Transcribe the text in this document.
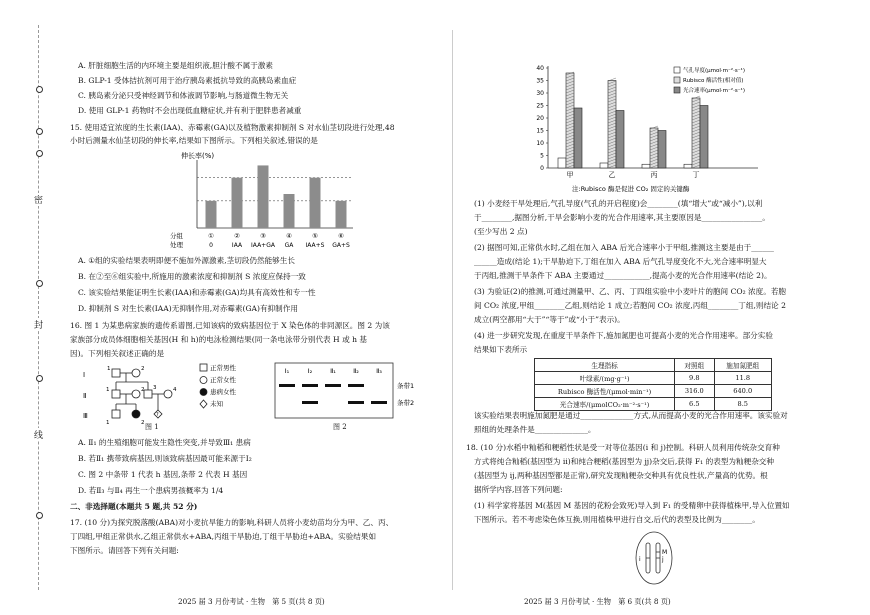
密
封
线
A. 肝脏细胞生活的内环境主要是组织液,胆汁酸不属于激素
B. GLP-1 受体拮抗剂可用于治疗胰岛素抵抗导致的高胰岛素血症
C. 胰岛素分泌只受神经调节和体液调节影响,与肠道微生物无关
D. 使用 GLP-1 药物时不会出现低血糖症状,并有利于肥胖患者减重
15. 使用适宜浓度的生长素(IAA)、赤霉素(GA)以及植物激素抑制剂 S 对水仙茎切段进行处理,48
小时后测量水仙茎切段的伸长率,结果如下图所示。下列相关叙述,错误的是
伸长率(%)
分组
处理
①
0
②
IAA
③
IAA+GA
④
GA
⑤
IAA+S
⑥
GA+S
A. ①组的实验结果表明即便不施加外源激素,茎切段仍然能够生长
B. 在②至⑥组实验中,所施用的激素浓度和抑制剂 S 浓度应保持一致
C. 该实验结果能证明生长素(IAA)和赤霉素(GA)均具有高效性和专一性
D. 抑制剂 S 对生长素(IAA)无抑制作用,对赤霉素(GA)有抑制作用
16. 图 1 为某患病家族的遗传系谱图,已知该病的致病基因位于 X 染色体的非同源区。图 2 为该
家族部分成员体细胞相关基因(H 和 h)的电泳检测结果(同一条电泳带分别代表 H 或 h 基
因)。下列相关叙述正确的是
Ⅰ
Ⅱ
Ⅲ
1	2
1	2 3	4
?
1	2
正常男性
正常女性
患病女性
未知
图 1
Ⅰ₁	Ⅰ₂	Ⅱ₁	Ⅱ₂	Ⅱ₃
条带1
条带2
图 2
A. Ⅱ₁ 的生殖细胞可能发生隐性突变,并导致Ⅲ₁ 患病
B. 若Ⅱ₁ 携带致病基因,则该致病基因最可能来源于Ⅰ₂
C. 图 2 中条带 1 代表 h 基因,条带 2 代表 H 基因
D. 若Ⅱ₃ 与Ⅱ₄ 再生一个患病男孩概率为 1/4
二、非选择题(本题共 5 题,共 52 分)
17. (10 分)为探究脱落酸(ABA)对小麦抗旱能力的影响,科研人员将小麦幼苗均分为甲、乙、丙、
丁四组,甲组正常供水,乙组正常供水+ABA,丙组干旱胁迫,丁组干旱胁迫+ABA。实验结果如
下图所示。请回答下列有关问题:
2025 届 3 月份考试 · 生物　第 5 页(共 8 页)
0
5
10
15
20
25
30
35
40
甲	乙	丙	丁
气孔导度(μmol·m⁻²·s⁻¹)
Rubisco 酶活性(相对值)
光合速率(μmol·m⁻²·s⁻¹)
注:Rubisco 酶是促进 CO₂ 固定的关键酶
(1) 小麦经干旱处理后,气孔导度(气孔的开启程度)会________(填“增大”或“减小”),以利
于________,据图分析,干旱会影响小麦的光合作用速率,其主要原因是________________。
(至少写出 2 点)
(2) 据图可知,正常供水时,乙组在加入 ABA 后光合速率小于甲组,推测这主要是由于______
______造成(结论 1);干旱胁迫下,丁组在加入 ABA 后气孔导度变化不大,光合速率明显大
于丙组,推测干旱条件下 ABA 主要通过____________,提高小麦的光合作用速率(结论 2)。
(3) 为验证(2)的推测,可通过测量甲、乙、丙、丁四组实验中小麦叶片的胞间 CO₂ 浓度。若胞
间 CO₂ 浓度,甲组________乙组,则结论 1 成立;若胞间 CO₂ 浓度,丙组________丁组,则结论 2
成立(两空都用“大于”“等于”或“小于”表示)。
(4) 进一步研究发现,在重度干旱条件下,施加氮肥也可提高小麦的光合作用速率。部分实验
结果如下表所示
生理指标	对照组	施加氮肥组
叶绿素/(mg·g⁻¹)	9.8	11.8
Rubisco 酶活性/(μmol·min⁻¹)	316.0	640.0
光合速率/(μmolCO₂·m⁻²·s⁻¹)	6.5	8.5
该实验结果表明施加氮肥是通过______________方式,从而提高小麦的光合作用速率。该实验对
照组的处理条件是______________。
18. (10 分)水稻中籼稻和粳稻性状是受一对等位基因(i 和 j)控制。科研人员利用传统杂交育种
方式将纯合籼稻(基因型为 ii)和纯合粳稻(基因型为 jj)杂交后,获得 F₁ 的表型为籼粳杂交种
(基因型为 ij,两种基因型都是正常),研究发现籼粳杂交种具有优良性状,产量高的优势。根
据所学内容,回答下列问题:
(1) 科学家将基因 M(基因 M 基因的花粉会致死)导入到 F₁ 的受精卵中获得植株甲,导入位置如
下图所示。若不考虑染色体互换,则用植株甲进行自交,后代的表型及比例为________。
i	j
M
2025 届 3 月份考试 · 生物　第 6 页(共 8 页)
